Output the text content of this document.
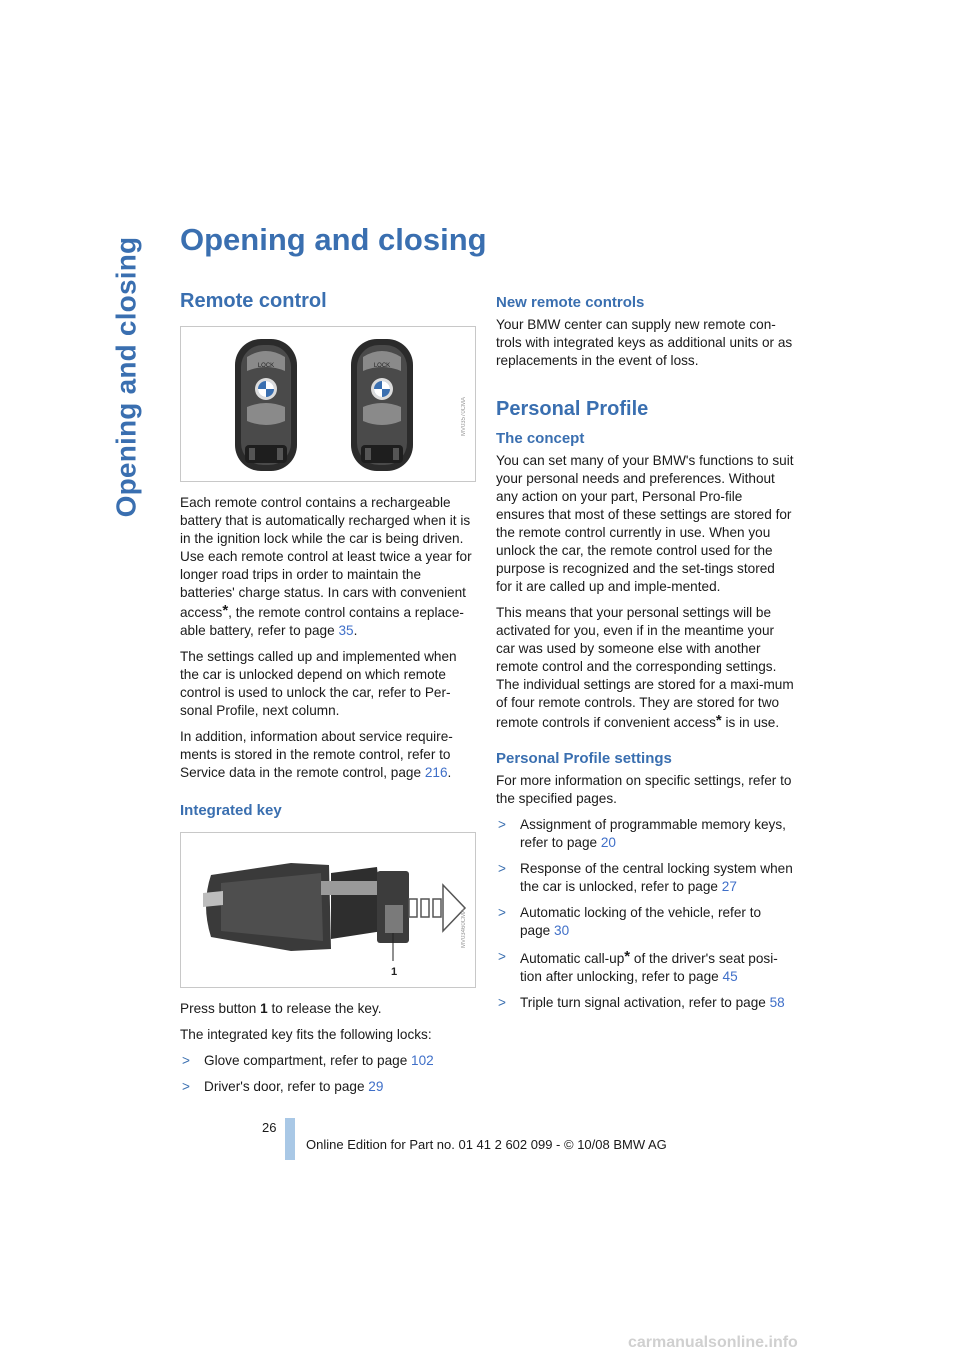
Opening and closing Opening and closing
Remote control
LOCK	LOCK
MV03570CMA

Each remote control contains a rechargeable battery that is automatically recharged when it is in the ignition lock while the car is being driven. Use each remote control at least twice a year for longer road trips in order to maintain the batteries' charge status. In cars with convenient access*, the remote control contains a replace-able battery, refer to page 35.

The settings called up and implemented when the car is unlocked depend on which remote control is used to unlock the car, refer to Per-sonal Profile, next column.

In addition, information about service require-ments is stored in the remote control, refer to Service data in the remote control, page 216.

Integrated key
1
MV03460CMA

Press button 1 to release the key.

The integrated key fits the following locks:

> Glove compartment, refer to page 102
> Driver's door, refer to page 29
New remote controls

Your BMW center can supply new remote con-trols with integrated keys as additional units or as replacements in the event of loss.

Personal Profile
The concept

You can set many of your BMW's functions to suit your personal needs and preferences. Without any action on your part, Personal Pro-file ensures that most of these settings are stored for the remote control currently in use. When you unlock the car, the remote control used for the purpose is recognized and the set-tings stored for it are called up and imple-mented.

This means that your personal settings will be activated for you, even if in the meantime your car was used by someone else with another remote control and the corresponding settings. The individual settings are stored for a maxi-mum of four remote controls. They are stored for two remote controls if convenient access* is in use.

Personal Profile settings

For more information on specific settings, refer to the specified pages.

> Assignment of programmable memory keys, refer to page 20
> Response of the central locking system when the car is unlocked, refer to page 27
> Automatic locking of the vehicle, refer to page 30
> Automatic call-up* of the driver's seat posi-tion after unlocking, refer to page 45
> Triple turn signal activation, refer to page 58
26
Online Edition for Part no. 01 41 2 602 099 - © 10/08 BMW AG
carmanualsonline.info
